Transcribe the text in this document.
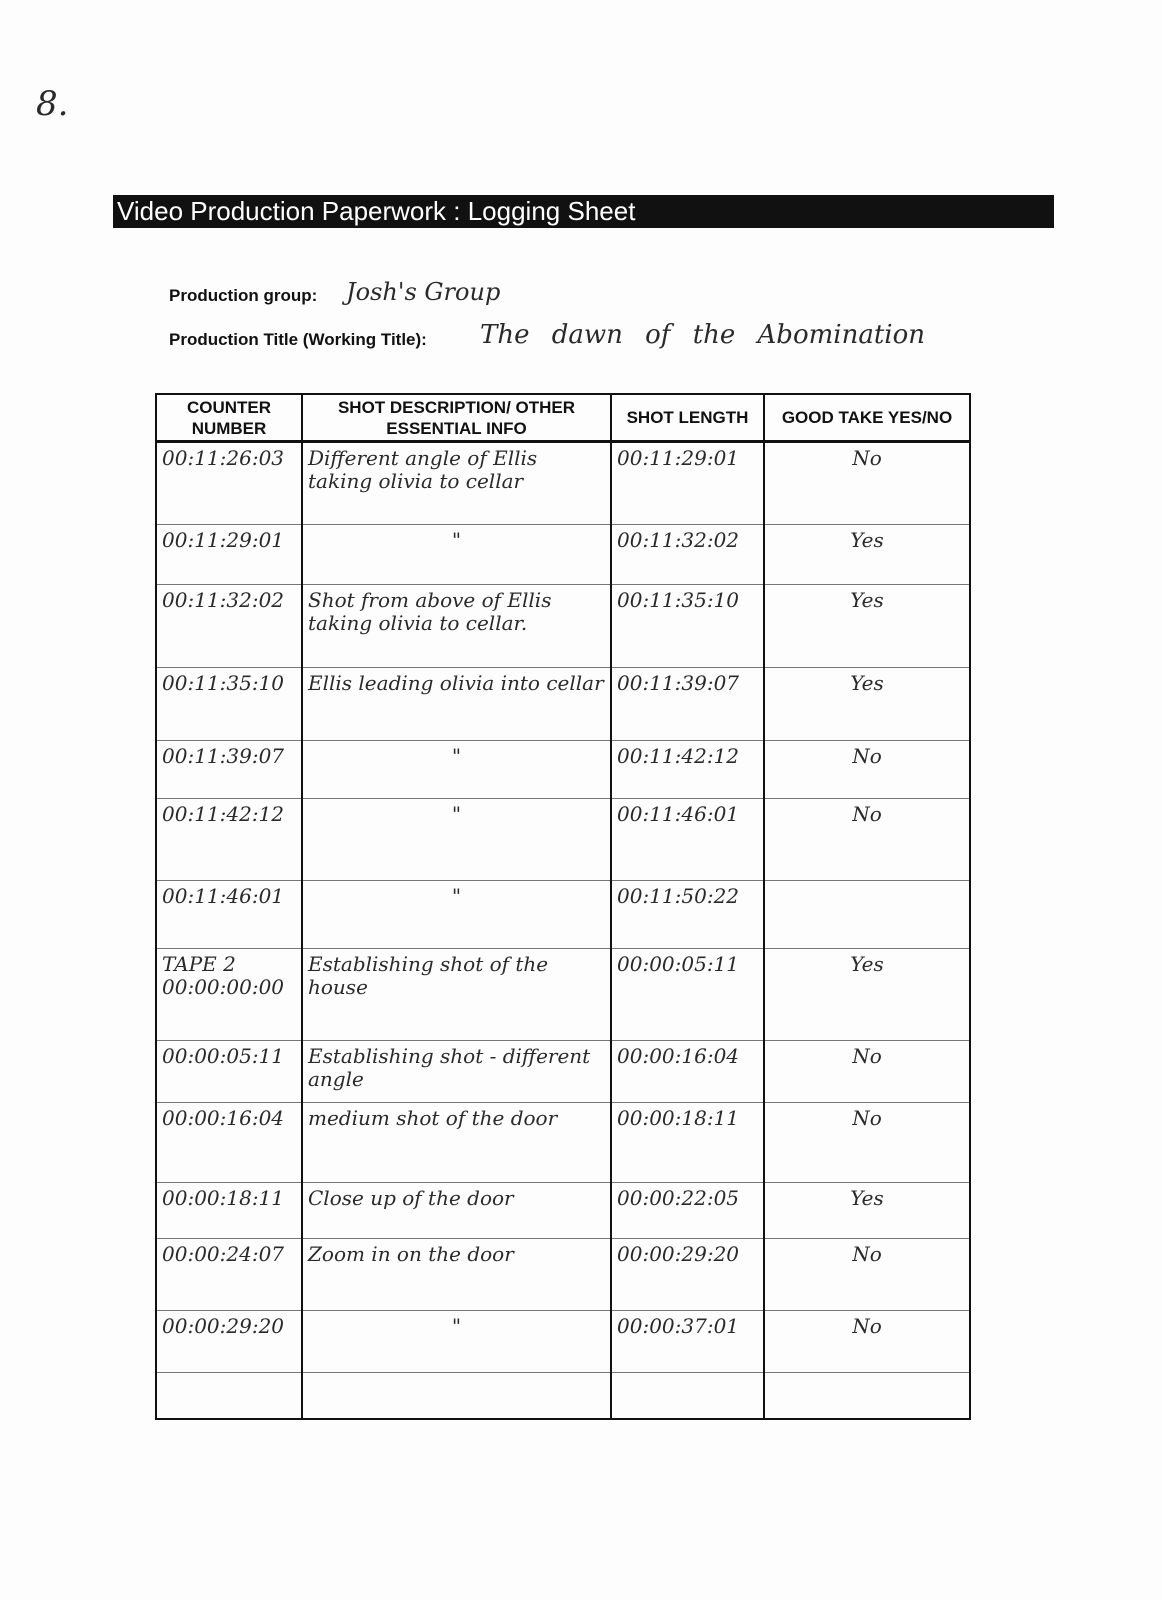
8.
Video Production Paperwork : Logging Sheet
Production group: Josh's Group
Production Title (Working Title): The dawn of the Abomination
COUNTER NUMBER	SHOT DESCRIPTION/ OTHER ESSENTIAL INFO	SHOT LENGTH	GOOD TAKE YES/NO
00:11:26:03	Different angle of Ellis taking olivia to cellar	00:11:29:01	No
00:11:29:01	"	00:11:32:02	Yes
00:11:32:02	Shot from above of Ellis taking olivia to cellar.	00:11:35:10	Yes
00:11:35:10	Ellis leading olivia into cellar	00:11:39:07	Yes
00:11:39:07	"	00:11:42:12	No
00:11:42:12	"	00:11:46:01	No
00:11:46:01	"	00:11:50:22	
TAPE 2 00:00:00:00	Establishing shot of the house	00:00:05:11	Yes
00:00:05:11	Establishing shot - different angle	00:00:16:04	No
00:00:16:04	medium shot of the door	00:00:18:11	No
00:00:18:11	Close up of the door	00:00:22:05	Yes
00:00:24:07	Zoom in on the door	00:00:29:20	No
00:00:29:20	"	00:00:37:01	No
